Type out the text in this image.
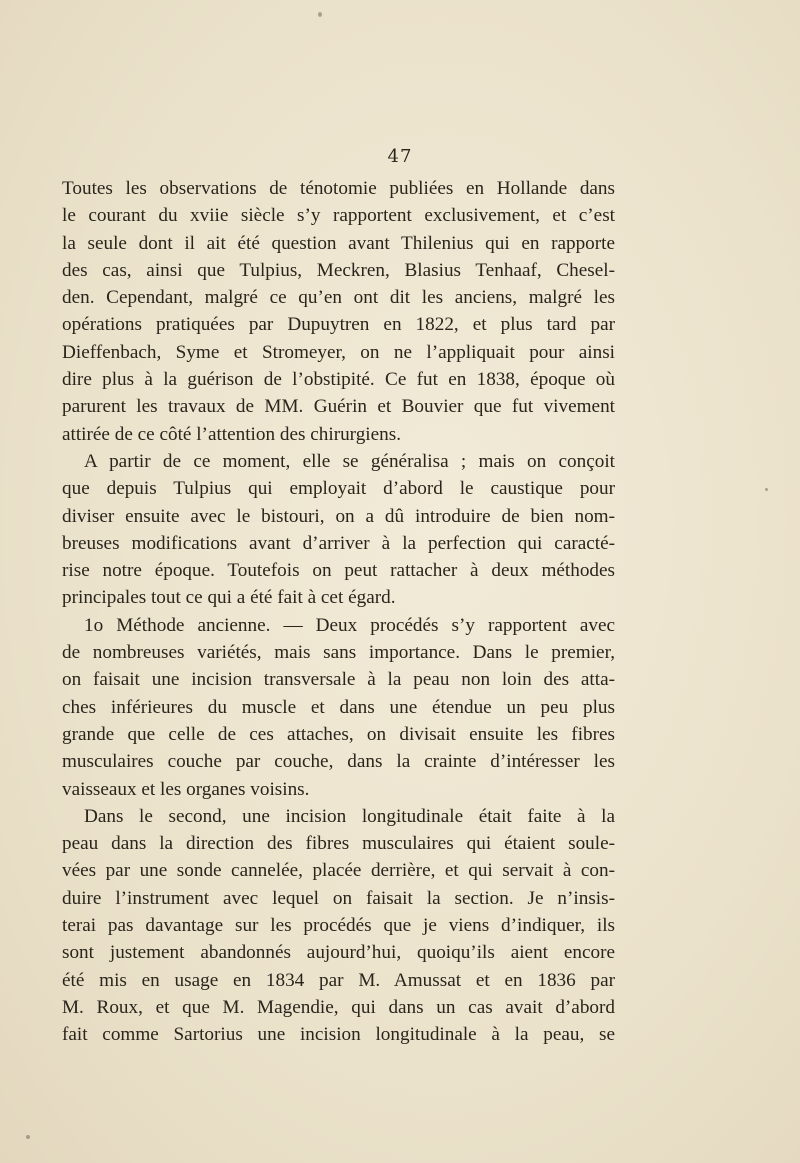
47
Toutes les observations de ténotomie publiées en Hollande dans
le courant du xviie siècle s’y rapportent exclusivement, et c’est
la seule dont il ait été question avant Thilenius qui en rapporte
des cas, ainsi que Tulpius, Meckren, Blasius Tenhaaf, Chesel-
den. Cependant, malgré ce qu’en ont dit les anciens, malgré les
opérations pratiquées par Dupuytren en 1822, et plus tard par
Dieffenbach, Syme et Stromeyer, on ne l’appliquait pour ainsi
dire plus à la guérison de l’obstipité. Ce fut en 1838, époque où
parurent les travaux de MM. Guérin et Bouvier que fut vivement
attirée de ce côté l’attention des chirurgiens.
A partir de ce moment, elle se généralisa ; mais on conçoit
que depuis Tulpius qui employait d’abord le caustique pour
diviser ensuite avec le bistouri, on a dû introduire de bien nom-
breuses modifications avant d’arriver à la perfection qui caracté-
rise notre époque. Toutefois on peut rattacher à deux méthodes
principales tout ce qui a été fait à cet égard.
1o Méthode ancienne. — Deux procédés s’y rapportent avec
de nombreuses variétés, mais sans importance. Dans le premier,
on faisait une incision transversale à la peau non loin des atta-
ches inférieures du muscle et dans une étendue un peu plus
grande que celle de ces attaches, on divisait ensuite les fibres
musculaires couche par couche, dans la crainte d’intéresser les
vaisseaux et les organes voisins.
Dans le second, une incision longitudinale était faite à la
peau dans la direction des fibres musculaires qui étaient soule-
vées par une sonde cannelée, placée derrière, et qui servait à con-
duire l’instrument avec lequel on faisait la section. Je n’insis-
terai pas davantage sur les procédés que je viens d’indiquer, ils
sont justement abandonnés aujourd’hui, quoiqu’ils aient encore
été mis en usage en 1834 par M. Amussat et en 1836 par
M. Roux, et que M. Magendie, qui dans un cas avait d’abord
fait comme Sartorius une incision longitudinale à la peau, se
